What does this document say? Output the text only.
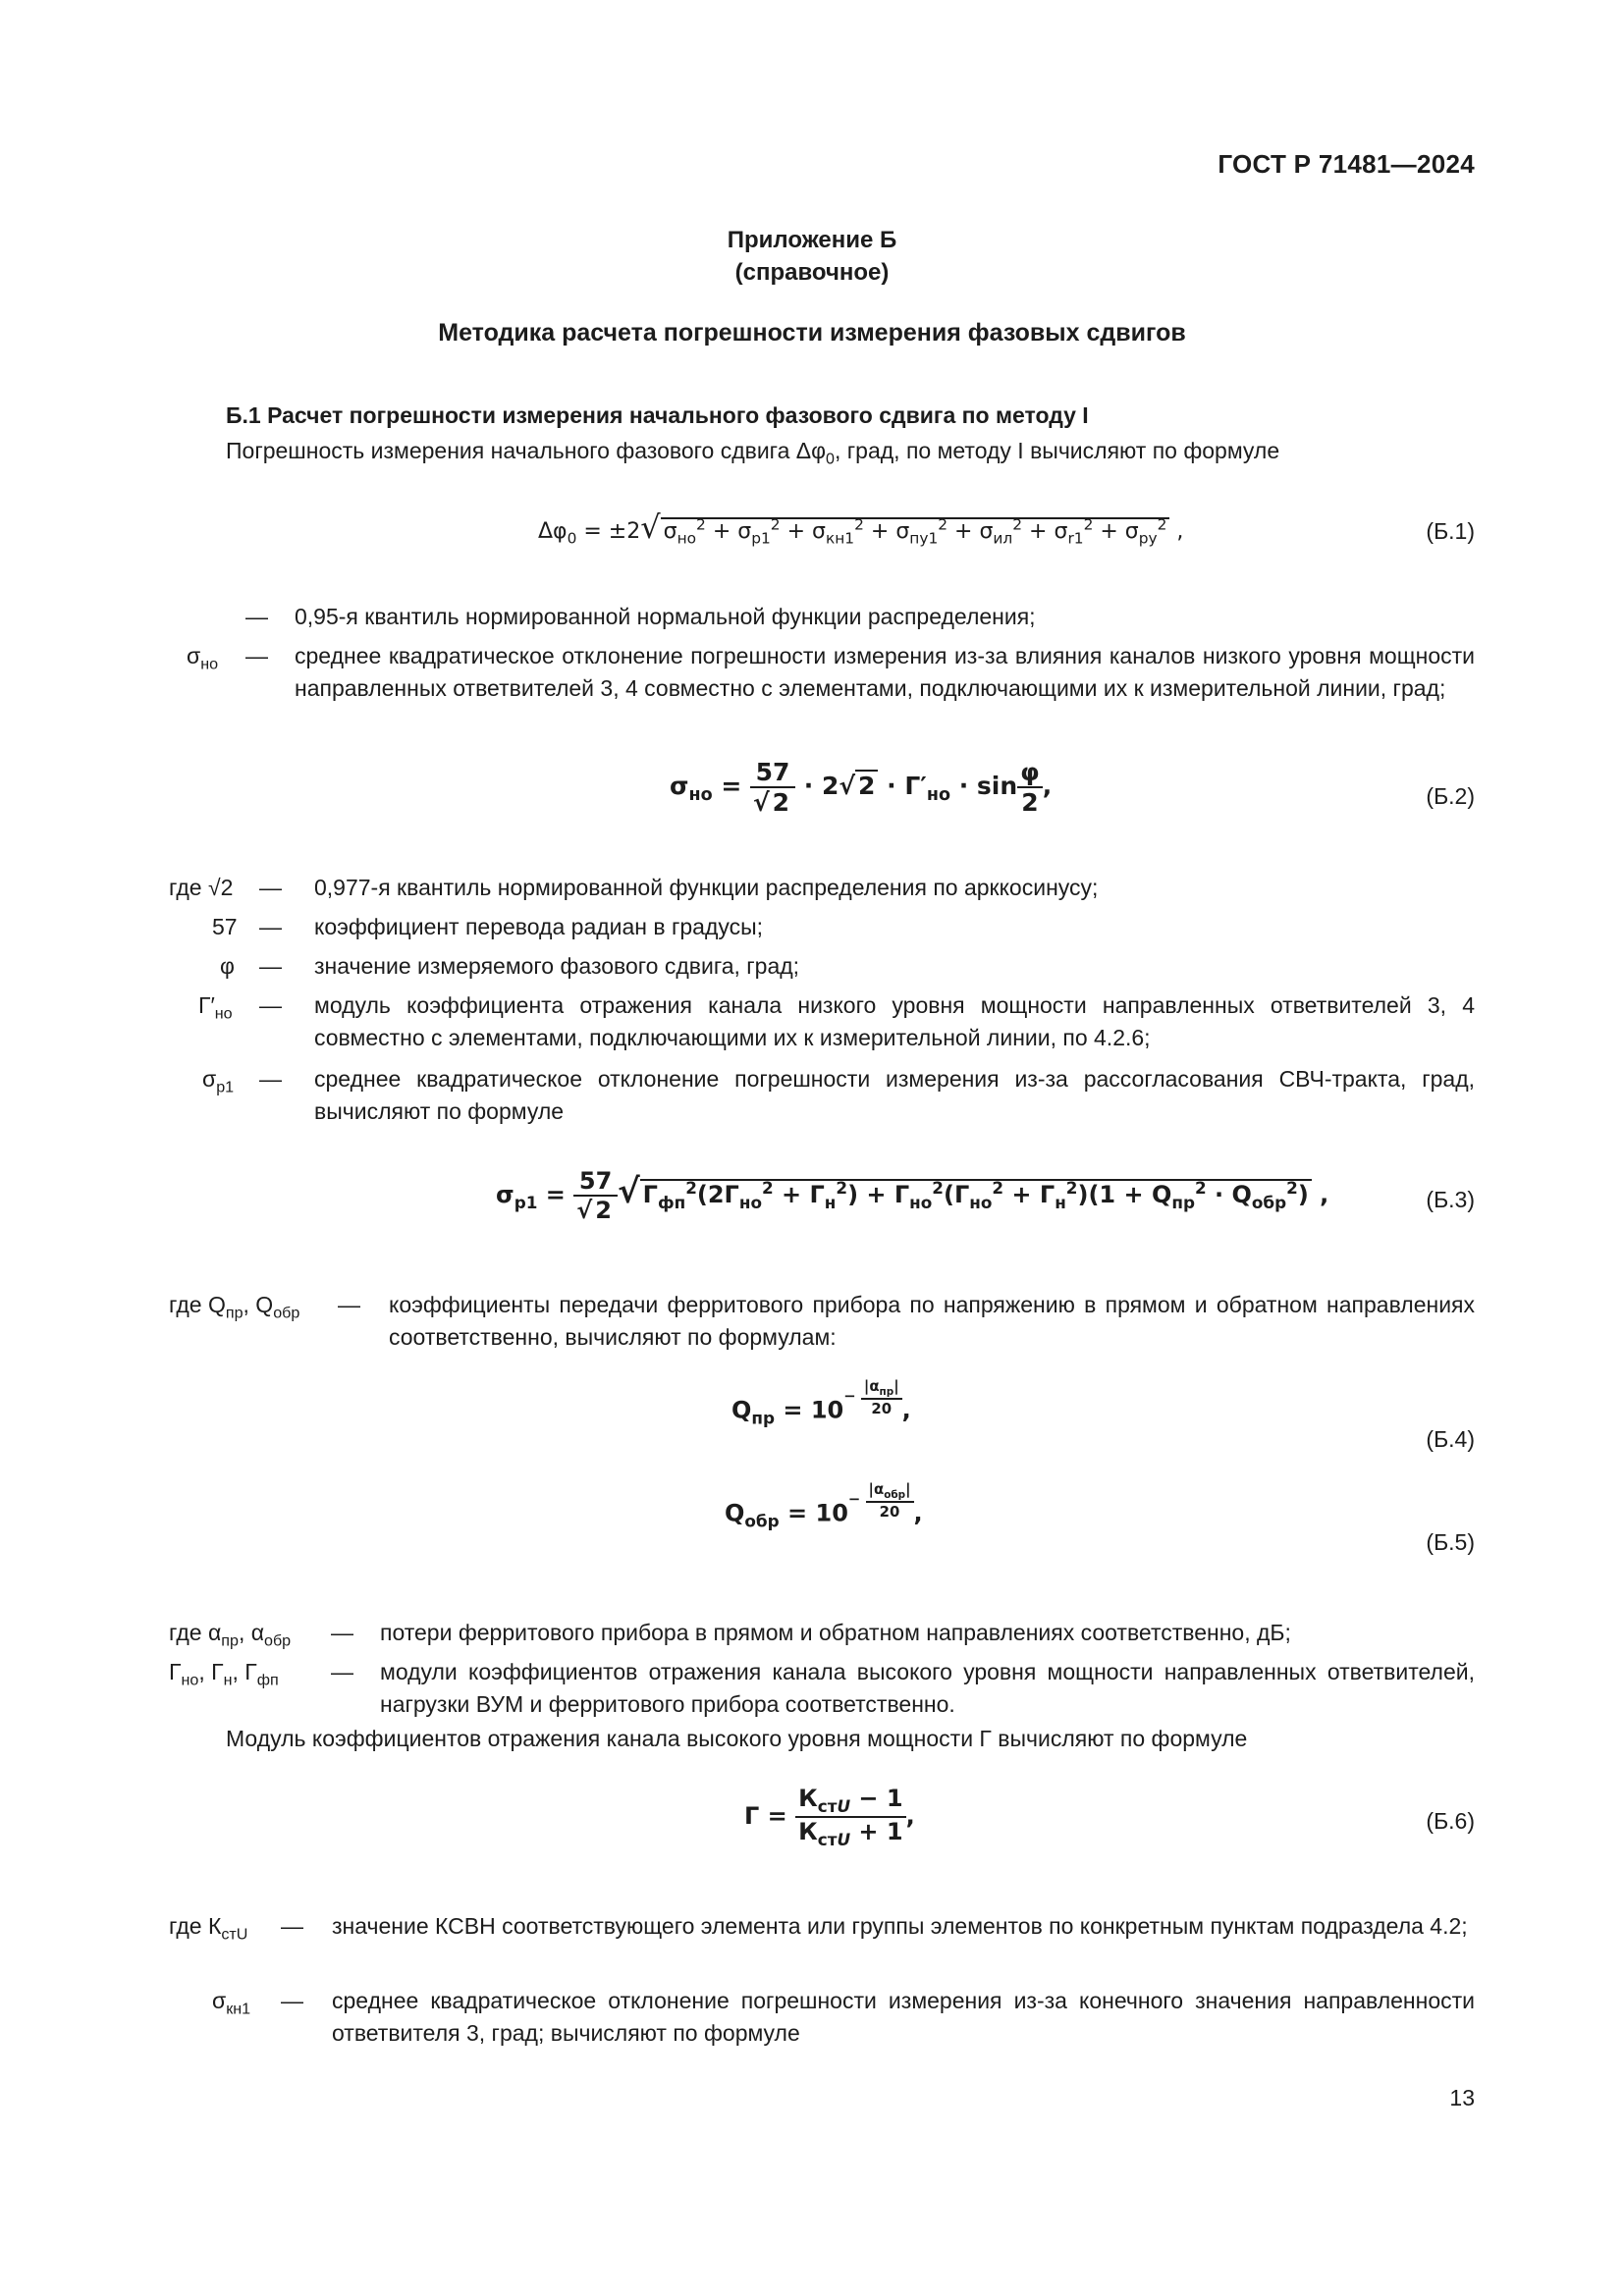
ГОСТ Р 71481—2024
Приложение Б
(справочное)
Методика расчета погрешности измерения фазовых сдвигов
Б.1 Расчет погрешности измерения начального фазового сдвига по методу I
Погрешность измерения начального фазового сдвига $\Delta\varphi_0$, град, по методу I вычисляют по формуле
$\Delta\varphi_0 = \pm 2√$ $\sigma_{но}^2 + \sigma_{р1}^2 + \sigma_{кн1}^2 + \sigma_{пу1}^2 + \sigma_{ил}^2 + \sigma_{r1}^2 + \sigma_{ру}^2$ ,	(Б.1)
— 0,95-я квантиль нормированной нормальной функции распределения;
$\sigma_{но}$ — среднее квадратическое отклонение погрешности измерения из-за влияния каналов низкого уровня мощности направленных ответвителей 3, 4 совместно с элементами, подключающими их к измерительной линии, град;
$\sigma_{но} = \frac{57}{√ 2} \cdot 2√$ $2 \cdot Г'_{но} \cdot \sin \frac{\varphi}{2}$ ,	(Б.2)
где √2 — 0,977-я квантиль нормированной функции распределения по арккосинусу;
57 — коэффициент перевода радиан в градусы;
φ — значение измеряемого фазового сдвига, град;
$Г'_{но}$ — модуль коэффициента отражения канала низкого уровня мощности направленных ответвителей 3, 4 совместно с элементами, подключающими их к измерительной линии, по 4.2.6;
$\sigma_{р1}$ — среднее квадратическое отклонение погрешности измерения из-за рассогласования СВЧ-тракта, град, вычисляют по формуле
$\sigma_{р1} = \frac{57}{√ 2}$ √ $Г_{фп}^2(2Г_{но}^2 + Г_н^2) + Г_{но}^2(Г_{но}^2 + Г_н^2)(1 + Q_{пр}^2 \cdot Q_{обр}^2)$ ,	(Б.3)
где $Q_{пр}$, $Q_{обр}$ — коэффициенты передачи ферритового прибора по напряжению в прямом и обратном направлениях соответственно, вычисляют по формулам:
$Q_{пр} = 10^{- \frac{|\alpha_{пр}|}{20}}$ ,
(Б.4)
$Q_{обр} = 10^{- \frac{|\alpha_{обр}|}{20}}$ ,
(Б.5)
где $\alpha_{пр}$, $\alpha_{обр}$ — потери ферритового прибора в прямом и обратном направлениях соответственно, дБ;
$Г_{но}$, $Г_н$, $Г_{фп}$ — модули коэффициентов отражения канала высокого уровня мощности направленных ответвителей, нагрузки ВУМ и ферритового прибора соответственно.
Модуль коэффициентов отражения канала высокого уровня мощности Г вычисляют по формуле
$Г = \frac{К_{стU} - 1}{К_{стU} + 1}$ ,	(Б.6)
где $К_{стU}$ — значение КСВН соответствующего элемента или группы элементов по конкретным пунктам подраздела 4.2;
$\sigma_{кн1}$ — среднее квадратическое отклонение погрешности измерения из-за конечного значения направленности ответвителя 3, град; вычисляют по формуле
13
